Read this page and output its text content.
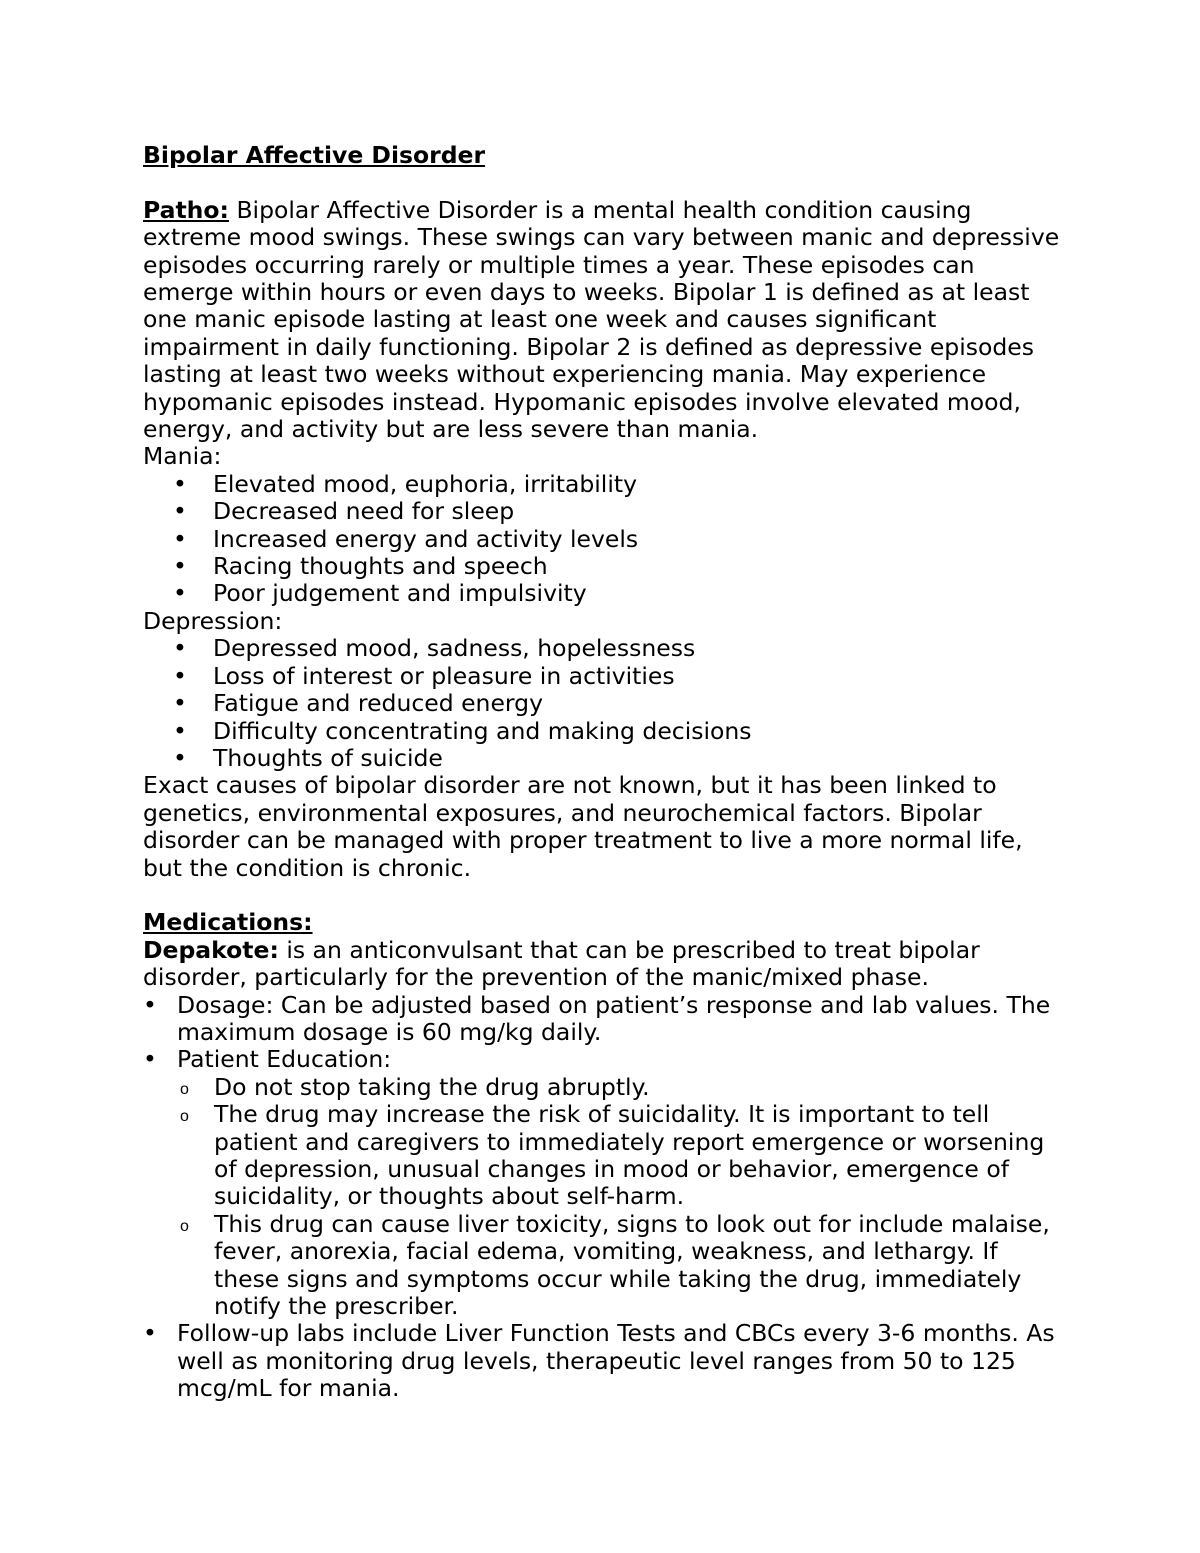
Bipolar Affective Disorder

Patho: Bipolar Affective Disorder is a mental health condition causing extreme mood swings. These swings can vary between manic and depressive episodes occurring rarely or multiple times a year. These episodes can emerge within hours or even days to weeks. Bipolar 1 is defined as at least one manic episode lasting at least one week and causes significant impairment in daily functioning. Bipolar 2 is defined as depressive episodes lasting at least two weeks without experiencing mania. May experience hypomanic episodes instead. Hypomanic episodes involve elevated mood, energy, and activity but are less severe than mania.

Mania:

• Elevated mood, euphoria, irritability
• Decreased need for sleep
• Increased energy and activity levels
• Racing thoughts and speech
• Poor judgement and impulsivity

Depression:

• Depressed mood, sadness, hopelessness
• Loss of interest or pleasure in activities
• Fatigue and reduced energy
• Difficulty concentrating and making decisions
• Thoughts of suicide

Exact causes of bipolar disorder are not known, but it has been linked to genetics, environmental exposures, and neurochemical factors. Bipolar disorder can be managed with proper treatment to live a more normal life, but the condition is chronic.

Medications:

Depakote: is an anticonvulsant that can be prescribed to treat bipolar disorder, particularly for the prevention of the manic/mixed phase.

• Dosage: Can be adjusted based on patient’s response and lab values. The maximum dosage is 60 mg/kg daily.
• Patient Education:
o Do not stop taking the drug abruptly.
o The drug may increase the risk of suicidality. It is important to tell patient and caregivers to immediately report emergence or worsening of depression, unusual changes in mood or behavior, emergence of suicidality, or thoughts about self-harm.
o This drug can cause liver toxicity, signs to look out for include malaise, fever, anorexia, facial edema, vomiting, weakness, and lethargy. If these signs and symptoms occur while taking the drug, immediately notify the prescriber.
• Follow-up labs include Liver Function Tests and CBCs every 3-6 months. As well as monitoring drug levels, therapeutic level ranges from 50 to 125 mcg/mL for mania.
